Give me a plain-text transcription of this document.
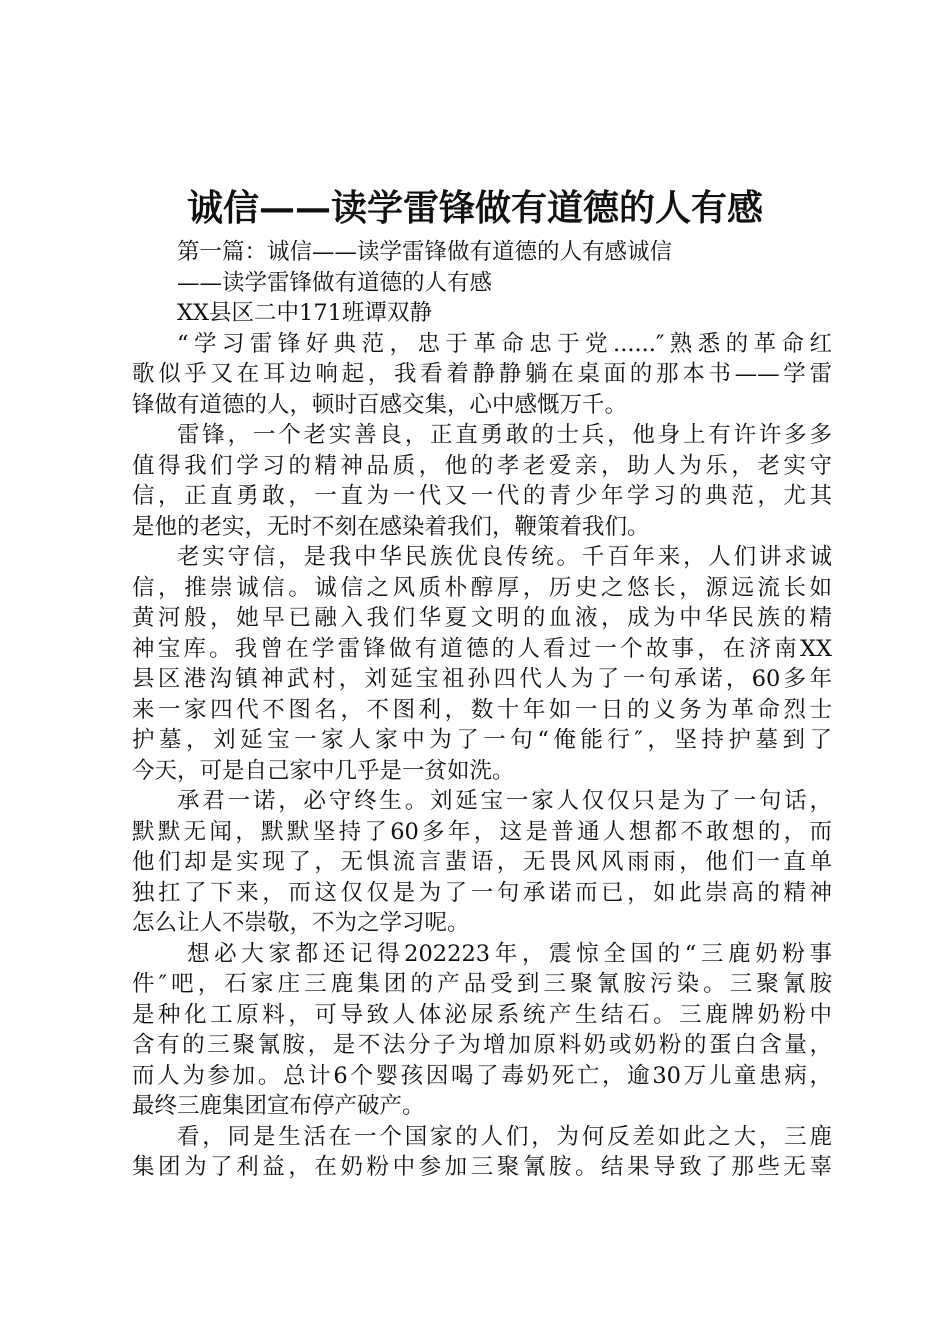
诚信——读学雷锋做有道德的人有感
第一篇：诚信——读学雷锋做有道德的人有感诚信
——读学雷锋做有道德的人有感
XX县区二中171班谭双静
“学习雷锋好典范，忠于革命忠于党......″熟悉的革命红
歌似乎又在耳边响起，我看着静静躺在桌面的那本书——学雷
锋做有道德的人，顿时百感交集，心中感慨万千。
雷锋，一个老实善良，正直勇敢的士兵，他身上有许许多多
值得我们学习的精神品质，他的孝老爱亲，助人为乐，老实守
信，正直勇敢，一直为一代又一代的青少年学习的典范，尤其
是他的老实，无时不刻在感染着我们，鞭策着我们。
老实守信，是我中华民族优良传统。千百年来，人们讲求诚
信，推崇诚信。诚信之风质朴醇厚，历史之悠长，源远流长如
黄河般，她早已融入我们华夏文明的血液，成为中华民族的精
神宝库。我曾在学雷锋做有道德的人看过一个故事，在济南XX
县区港沟镇神武村，刘延宝祖孙四代人为了一句承诺，60多年
来一家四代不图名，不图利，数十年如一日的义务为革命烈士
护墓，刘延宝一家人家中为了一句“俺能行″，坚持护墓到了
今天，可是自己家中几乎是一贫如洗。
承君一诺，必守终生。刘延宝一家人仅仅只是为了一句话，
默默无闻，默默坚持了60多年，这是普通人想都不敢想的，而
他们却是实现了，无惧流言蜚语，无畏风风雨雨，他们一直单
独扛了下来，而这仅仅是为了一句承诺而已，如此崇高的精神
怎么让人不崇敬，不为之学习呢。
想必大家都还记得202223年，震惊全国的“三鹿奶粉事
件″吧，石家庄三鹿集团的产品受到三聚氰胺污染。三聚氰胺
是种化工原料，可导致人体泌尿系统产生结石。三鹿牌奶粉中
含有的三聚氰胺，是不法分子为增加原料奶或奶粉的蛋白含量，
而人为参加。总计6个婴孩因喝了毒奶死亡，逾30万儿童患病，
最终三鹿集团宣布停产破产。
看，同是生活在一个国家的人们，为何反差如此之大，三鹿
集团为了利益，在奶粉中参加三聚氰胺。结果导致了那些无辜
